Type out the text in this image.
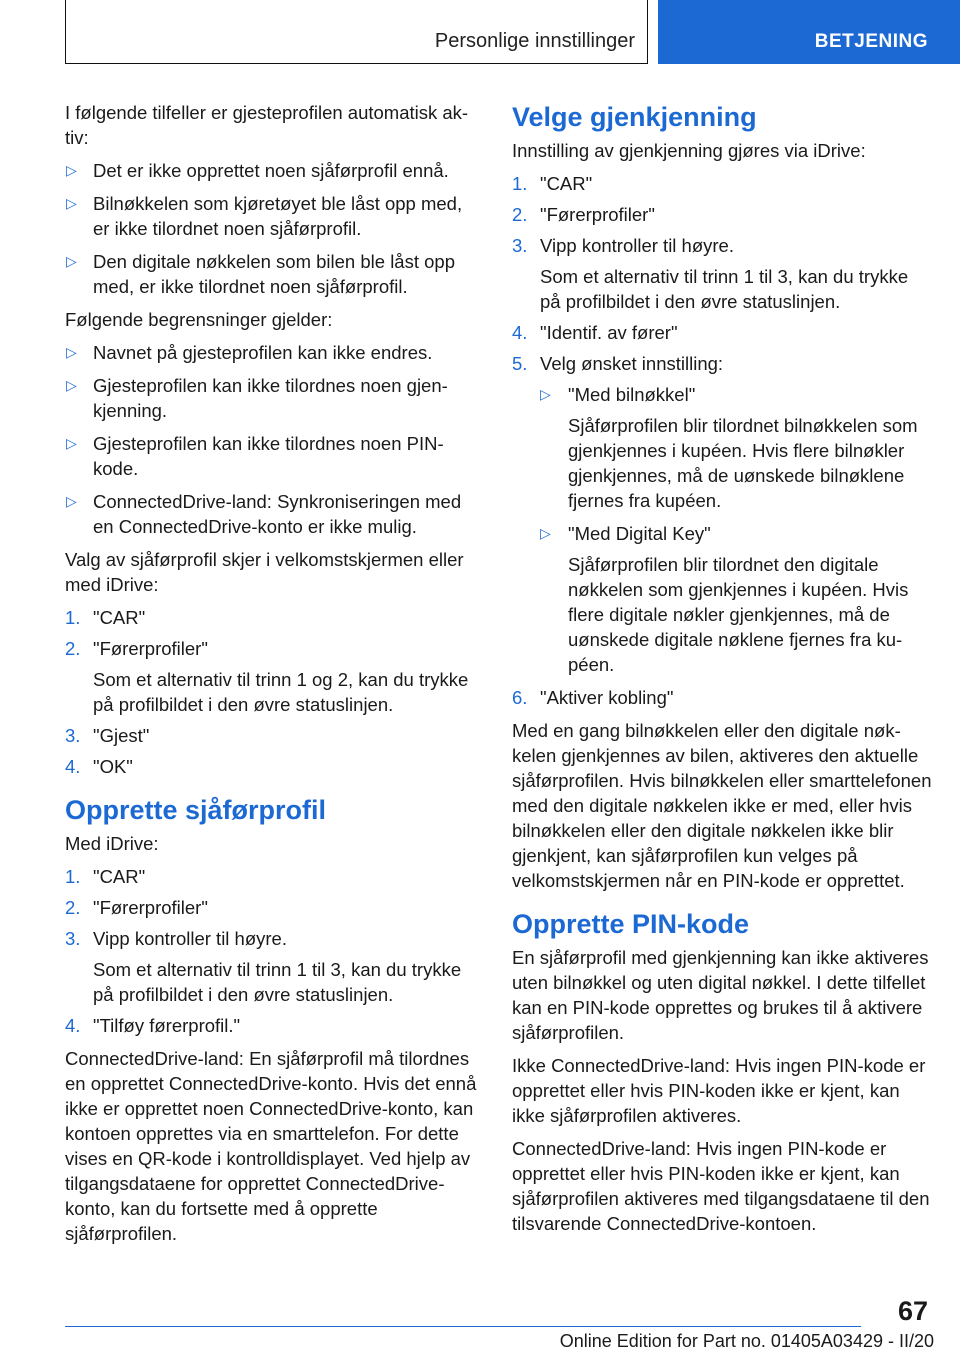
Personlige innstillinger	BETJENING

I følgende tilfeller er gjesteprofilen automatisk aktiv:

▷ Det er ikke opprettet noen sjåførprofil ennå.
▷ Bilnøkkelen som kjøretøyet ble låst opp med, er ikke tilordnet noen sjåførprofil.
▷ Den digitale nøkkelen som bilen ble låst opp med, er ikke tilordnet noen sjåførprofil.

Følgende begrensninger gjelder:

▷ Navnet på gjesteprofilen kan ikke endres.
▷ Gjesteprofilen kan ikke tilordnes noen gjenkjenning.
▷ Gjesteprofilen kan ikke tilordnes noen PIN-kode.
▷ ConnectedDrive-land: Synkroniseringen med en ConnectedDrive-konto er ikke mulig.

Valg av sjåførprofil skjer i velkomstskjermen eller med iDrive:

1. "CAR"
2. "Førerprofiler"
Som et alternativ til trinn 1 og 2, kan du trykke på profilbildet i den øvre statuslinjen.
3. "Gjest"
4. "OK"
Opprette sjåførprofil

Med iDrive:

1. "CAR"
2. "Førerprofiler"
3. Vipp kontroller til høyre.
Som et alternativ til trinn 1 til 3, kan du trykke på profilbildet i den øvre statuslinjen.
4. "Tilføy førerprofil."

ConnectedDrive-land: En sjåførprofil må tilordnes en opprettet ConnectedDrive-konto. Hvis det ennå ikke er opprettet noen ConnectedDrive-konto, kan kontoen opprettes via en smarttelefon. For dette vises en QR-kode i kontrolldisplayet. Ved hjelp av tilgangsdataene for opprettet ConnectedDrive-konto, kan du fortsette med å opprette sjåførprofilen.

Velge gjenkjenning

Innstilling av gjenkjenning gjøres via iDrive:

1. "CAR"
2. "Førerprofiler"
3. Vipp kontroller til høyre.
Som et alternativ til trinn 1 til 3, kan du trykke på profilbildet i den øvre statuslinjen.
4. "Identif. av fører"
5. Velg ønsket innstilling:
▷ "Med bilnøkkel"
Sjåførprofilen blir tilordnet bilnøkkelen som gjenkjennes i kupéen. Hvis flere bilnøkler gjenkjennes, må de uønskede bilnøklene fjernes fra kupéen.
▷ "Med Digital Key"
Sjåførprofilen blir tilordnet den digitale nøkkelen som gjenkjennes i kupéen. Hvis flere digitale nøkler gjenkjennes, må de uønskede digitale nøklene fjernes fra kupéen.
6. "Aktiver kobling"

Med en gang bilnøkkelen eller den digitale nøkkelen gjenkjennes av bilen, aktiveres den aktuelle sjåførprofilen. Hvis bilnøkkelen eller smarttelefonen med den digitale nøkkelen ikke er med, eller hvis bilnøkkelen eller den digitale nøkkelen ikke blir gjenkjent, kan sjåførprofilen kun velges på velkomstskjermen når en PIN-kode er opprettet.

Opprette PIN-kode

En sjåførprofil med gjenkjenning kan ikke aktiveres uten bilnøkkel og uten digital nøkkel. I dette tilfellet kan en PIN-kode opprettes og brukes til å aktivere sjåførprofilen.

Ikke ConnectedDrive-land: Hvis ingen PIN-kode er opprettet eller hvis PIN-koden ikke er kjent, kan ikke sjåførprofilen aktiveres.

ConnectedDrive-land: Hvis ingen PIN-kode er opprettet eller hvis PIN-koden ikke er kjent, kan sjåførprofilen aktiveres med tilgangsdataene til den tilsvarende ConnectedDrive-kontoen.

67
Online Edition for Part no. 01405A03429 - II/20
